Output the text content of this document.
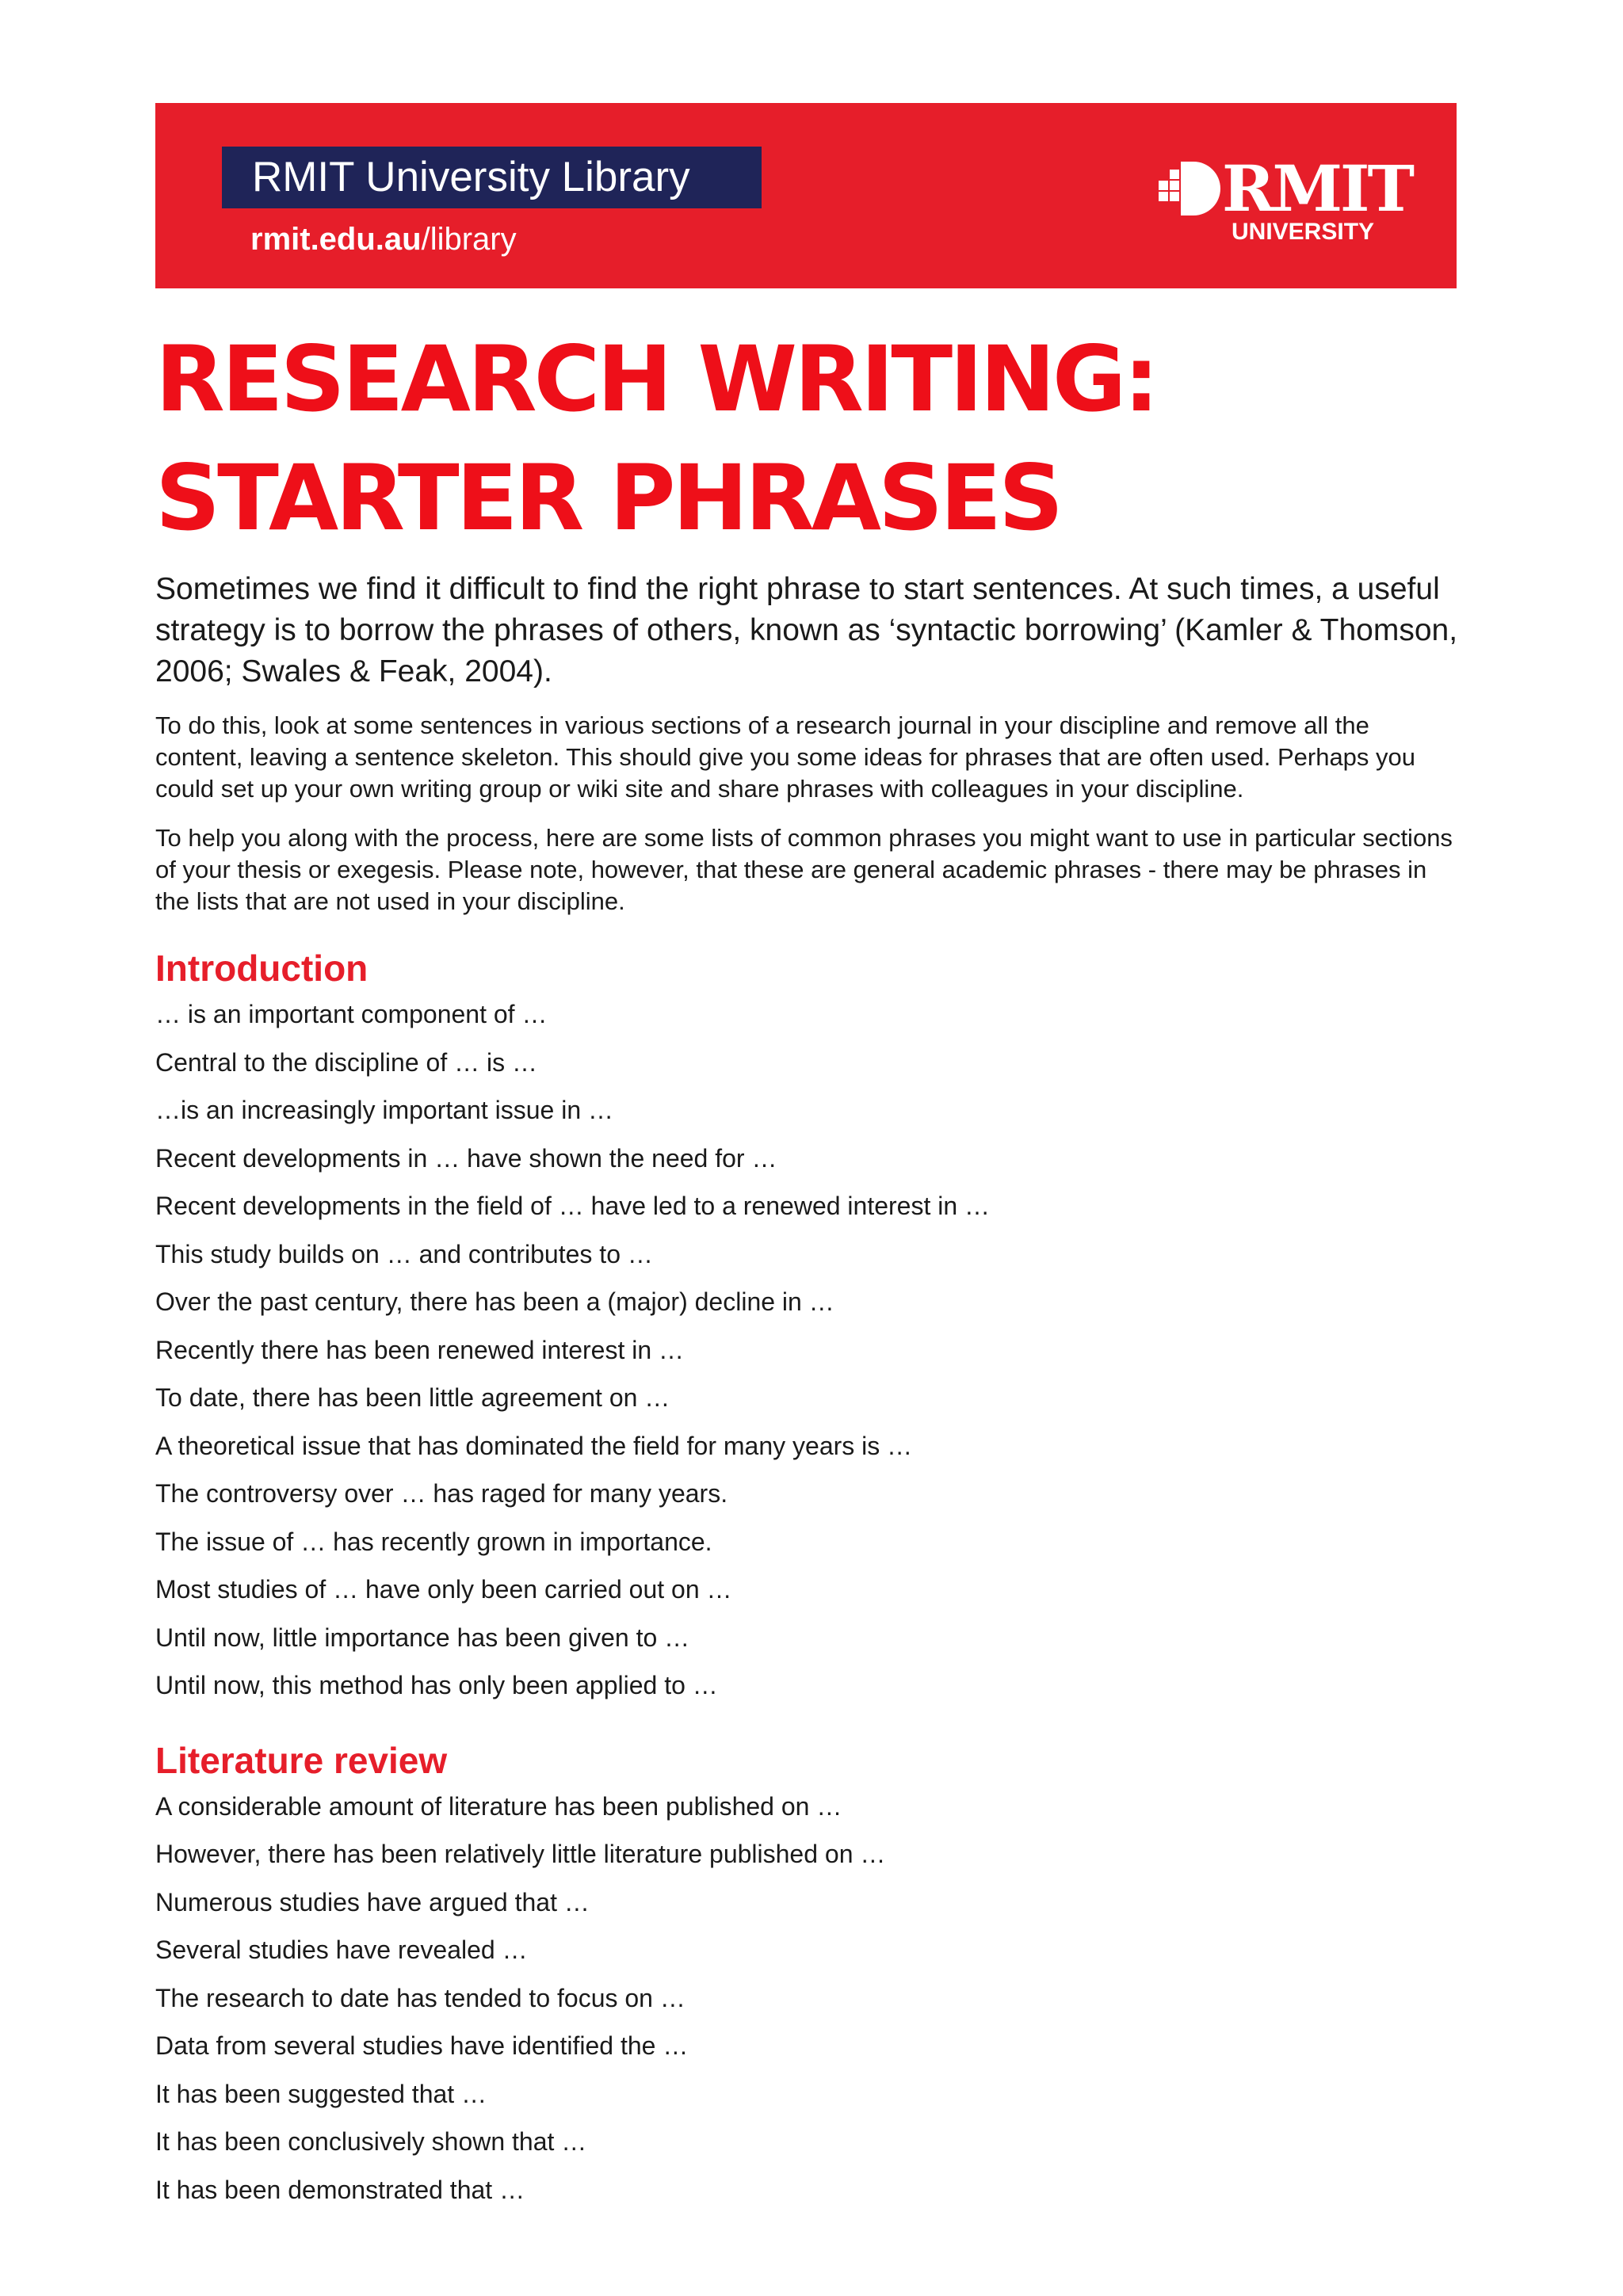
RMIT University Library
rmit.edu.au/library
RMIT
UNIVERSITY
RESEARCH WRITING:
STARTER PHRASES

Sometimes we find it difficult to find the right phrase to start sentences. At such times, a useful strategy is to borrow the phrases of others, known as ‘syntactic borrowing’ (Kamler & Thomson, 2006; Swales & Feak, 2004).

To do this, look at some sentences in various sections of a research journal in your discipline and remove all the content, leaving a sentence skeleton. This should give you some ideas for phrases that are often used. Perhaps you could set up your own writing group or wiki site and share phrases with colleagues in your discipline.

To help you along with the process, here are some lists of common phrases you might want to use in particular sections of your thesis or exegesis. Please note, however, that these are general academic phrases - there may be phrases in the lists that are not used in your discipline.

Introduction
… is an important component of …
Central to the discipline of … is …
…is an increasingly important issue in …
Recent developments in … have shown the need for …
Recent developments in the field of … have led to a renewed interest in …
This study builds on … and contributes to …
Over the past century, there has been a (major) decline in …
Recently there has been renewed interest in …
To date, there has been little agreement on …
A theoretical issue that has dominated the field for many years is …
The controversy over … has raged for many years.
The issue of … has recently grown in importance.
Most studies of … have only been carried out on …
Until now, little importance has been given to …
Until now, this method has only been applied to …
Literature review
A considerable amount of literature has been published on …
However, there has been relatively little literature published on …
Numerous studies have argued that …
Several studies have revealed …
The research to date has tended to focus on …
Data from several studies have identified the …
It has been suggested that …
It has been conclusively shown that …
It has been demonstrated that …
